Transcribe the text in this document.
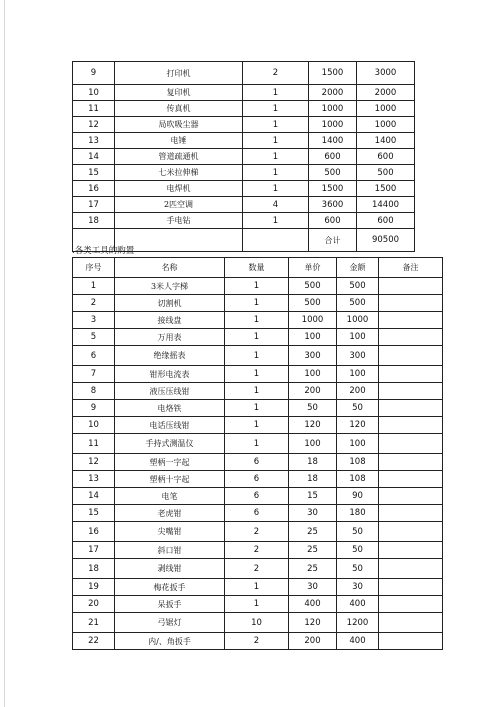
9	打印机	2	1500	3000
10	复印机	1	2000	2000
11	传真机	1	1000	1000
12	局吹吸尘器	1	1000	1000
13	电锤	1	1400	1400
14	管道疏通机	1	600	600
15	七米拉伸梯	1	500	500
16	电焊机	1	1500	1500
17	2匹空调	4	3600	14400
18	手电钻	1	600	600
			合计	90500
.各类工具的购置
序号	名称	数量	单价	金额	备注
1	3米人字梯	1	500	500	
2	切割机	1	500	500	
3	接线盘	1	1000	1000	
5	万用表	1	100	100	
6	绝缘摇表	1	300	300	
7	钳形电流表	1	100	100	
8	液压压线钳	1	200	200	
9	电烙铁	1	50	50	
10	电话压线钳	1	120	120	
11	手持式测温仪	1	100	100	
12	塑柄一字起	6	18	108	
13	塑柄十字起	6	18	108	
14	电笔	6	15	90	
15	老虎钳	6	30	180	
16	尖嘴钳	2	25	50	
17	斜口钳	2	25	50	
18	剥线钳	2	25	50	
19	梅花扳手	1	30	30	
20	呆扳手	1	400	400	
21	弓锯灯	10	120	1200	
22	内/、角扳手	2	200	400	
